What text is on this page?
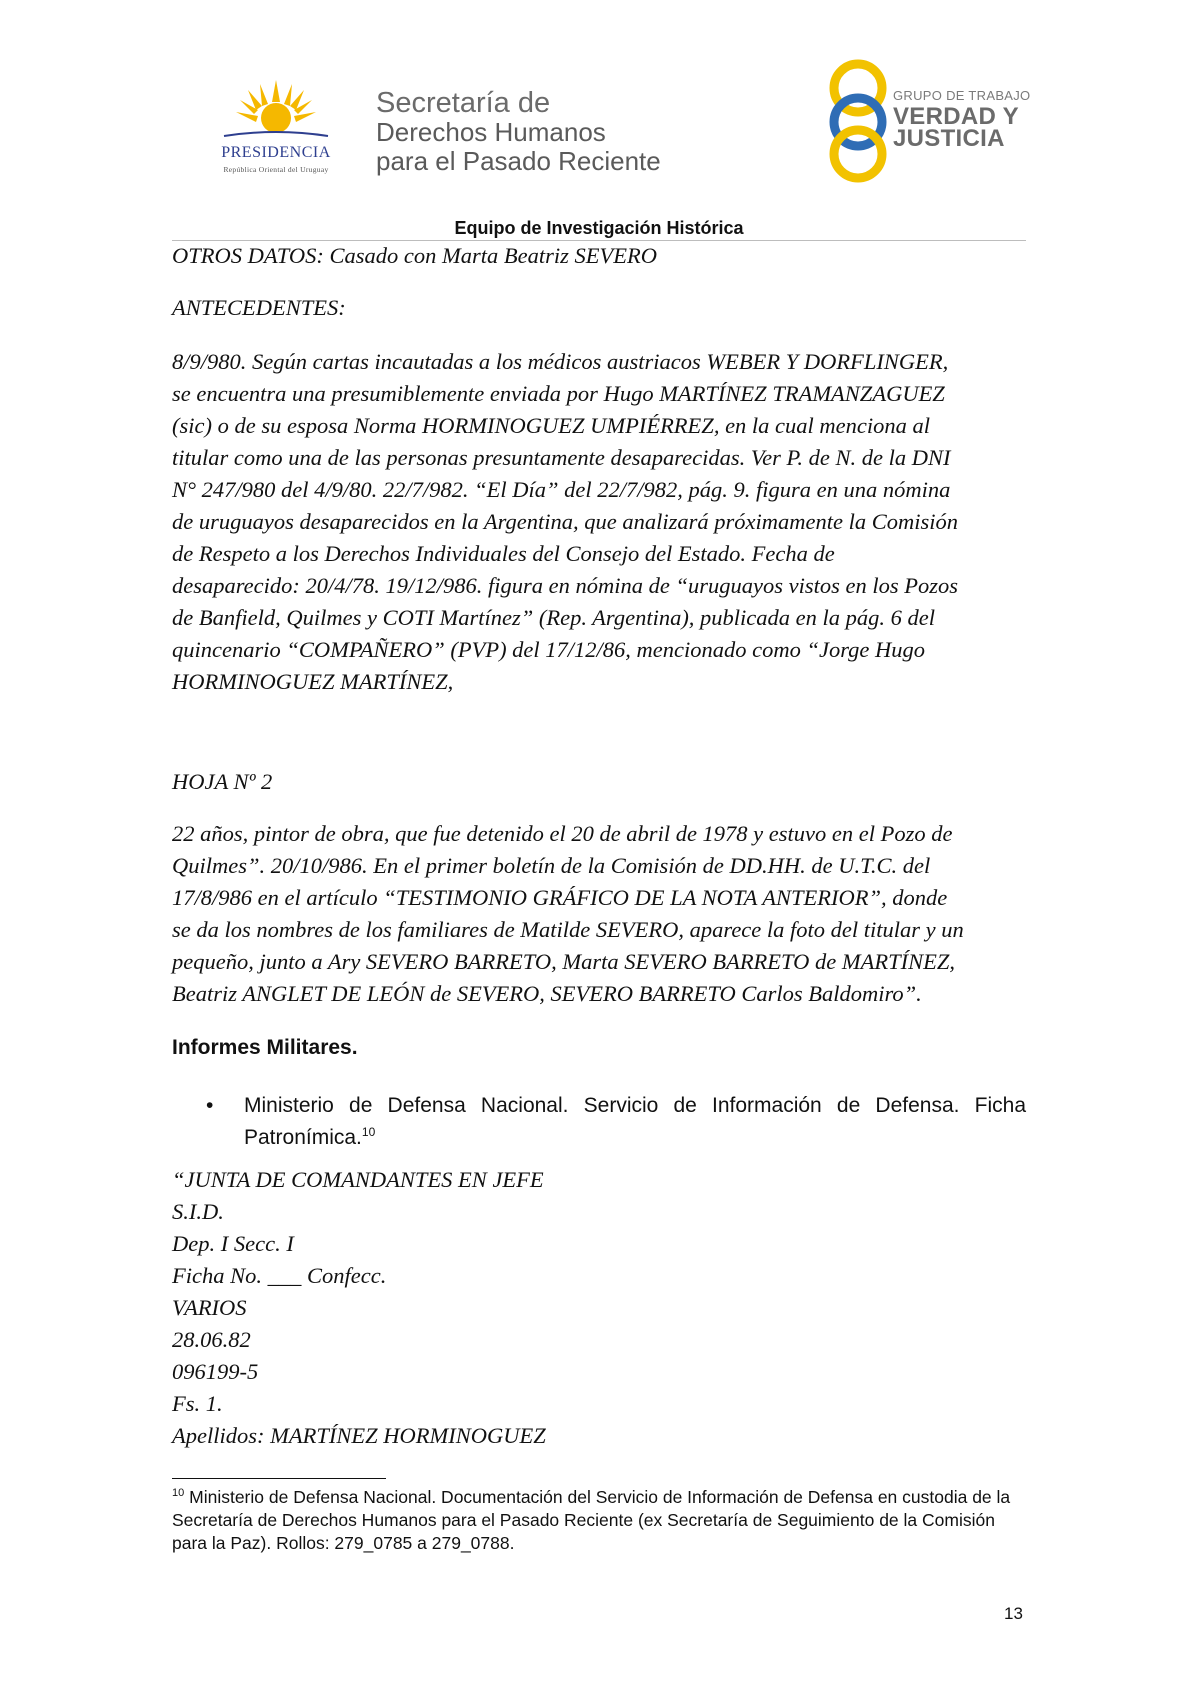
PRESIDENCIA
República Oriental del Uruguay
Secretaría de
Derechos Humanos
para el Pasado Reciente
GRUPO DE TRABAJO
VERDAD Y
JUSTICIA
Equipo de Investigación Histórica
OTROS DATOS: Casado con Marta Beatriz SEVERO
ANTECEDENTES:
8/9/980. Según cartas incautadas a los médicos austriacos WEBER Y DORFLINGER,
se encuentra una presumiblemente enviada por Hugo MARTÍNEZ TRAMANZAGUEZ
(sic) o de su esposa Norma HORMINOGUEZ UMPIÉRREZ, en la cual menciona al
titular como una de las personas presuntamente desaparecidas. Ver P. de N. de la DNI
N° 247/980 del 4/9/80. 22/7/982. “El Día” del 22/7/982, pág. 9. figura en una nómina
de uruguayos desaparecidos en la Argentina, que analizará próximamente la Comisión
de Respeto a los Derechos Individuales del Consejo del Estado. Fecha de
desaparecido: 20/4/78. 19/12/986. figura en nómina de “uruguayos vistos en los Pozos
de Banfield, Quilmes y COTI Martínez” (Rep. Argentina), publicada en la pág. 6 del
quincenario “COMPAÑERO” (PVP) del 17/12/86, mencionado como “Jorge Hugo
HORMINOGUEZ MARTÍNEZ,
HOJA Nº 2
22 años, pintor de obra, que fue detenido el 20 de abril de 1978 y estuvo en el Pozo de
Quilmes”. 20/10/986. En el primer boletín de la Comisión de DD.HH. de U.T.C. del
17/8/986 en el artículo “TESTIMONIO GRÁFICO DE LA NOTA ANTERIOR”, donde
se da los nombres de los familiares de Matilde SEVERO, aparece la foto del titular y un
pequeño, junto a Ary SEVERO BARRETO, Marta SEVERO BARRETO de MARTÍNEZ,
Beatriz ANGLET DE LEÓN de SEVERO, SEVERO BARRETO Carlos Baldomiro”.
Informes Militares.
• Ministerio de Defensa Nacional. Servicio de Información de Defensa. Ficha Patronímica.$^{10}$
“JUNTA DE COMANDANTES EN JEFE
S.I.D.
Dep. I Secc. I
Ficha No. ___ Confecc.
VARIOS
28.06.82
096199-5
Fs. 1.
Apellidos: MARTÍNEZ HORMINOGUEZ
$^{10}$ Ministerio de Defensa Nacional. Documentación del Servicio de Información de Defensa en custodia de la Secretaría de Derechos Humanos para el Pasado Reciente (ex Secretaría de Seguimiento de la Comisión para la Paz). Rollos: 279_0785 a 279_0788.
13
